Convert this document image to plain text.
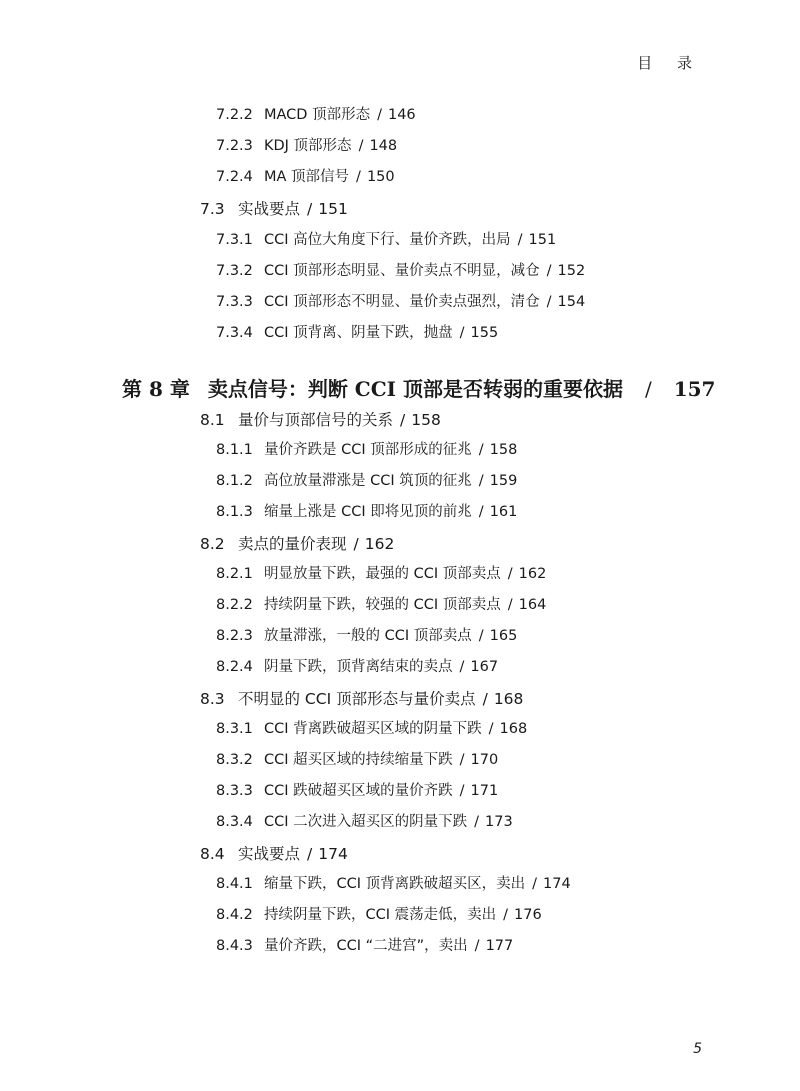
目 录
7.2.2 MACD 顶部形态 / 146
7.2.3 KDJ 顶部形态 / 148
7.2.4 MA 顶部信号 / 150
7.3 实战要点 / 151
7.3.1 CCI 高位大角度下行、量价齐跌，出局 / 151
7.3.2 CCI 顶部形态明显、量价卖点不明显，减仓 / 152
7.3.3 CCI 顶部形态不明显、量价卖点强烈，清仓 / 154
7.3.4 CCI 顶背离、阴量下跌，抛盘 / 155
第 8 章 卖点信号：判断 CCI 顶部是否转弱的重要依据 / 157
8.1 量价与顶部信号的关系 / 158
8.1.1 量价齐跌是 CCI 顶部形成的征兆 / 158
8.1.2 高位放量滞涨是 CCI 筑顶的征兆 / 159
8.1.3 缩量上涨是 CCI 即将见顶的前兆 / 161
8.2 卖点的量价表现 / 162
8.2.1 明显放量下跌，最强的 CCI 顶部卖点 / 162
8.2.2 持续阴量下跌，较强的 CCI 顶部卖点 / 164
8.2.3 放量滞涨，一般的 CCI 顶部卖点 / 165
8.2.4 阴量下跌，顶背离结束的卖点 / 167
8.3 不明显的 CCI 顶部形态与量价卖点 / 168
8.3.1 CCI 背离跌破超买区域的阴量下跌 / 168
8.3.2 CCI 超买区域的持续缩量下跌 / 170
8.3.3 CCI 跌破超买区域的量价齐跌 / 171
8.3.4 CCI 二次进入超买区的阴量下跌 / 173
8.4 实战要点 / 174
8.4.1 缩量下跌，CCI 顶背离跌破超买区，卖出 / 174
8.4.2 持续阴量下跌，CCI 震荡走低，卖出 / 176
8.4.3 量价齐跌，CCI “二进宫”，卖出 / 177
5
